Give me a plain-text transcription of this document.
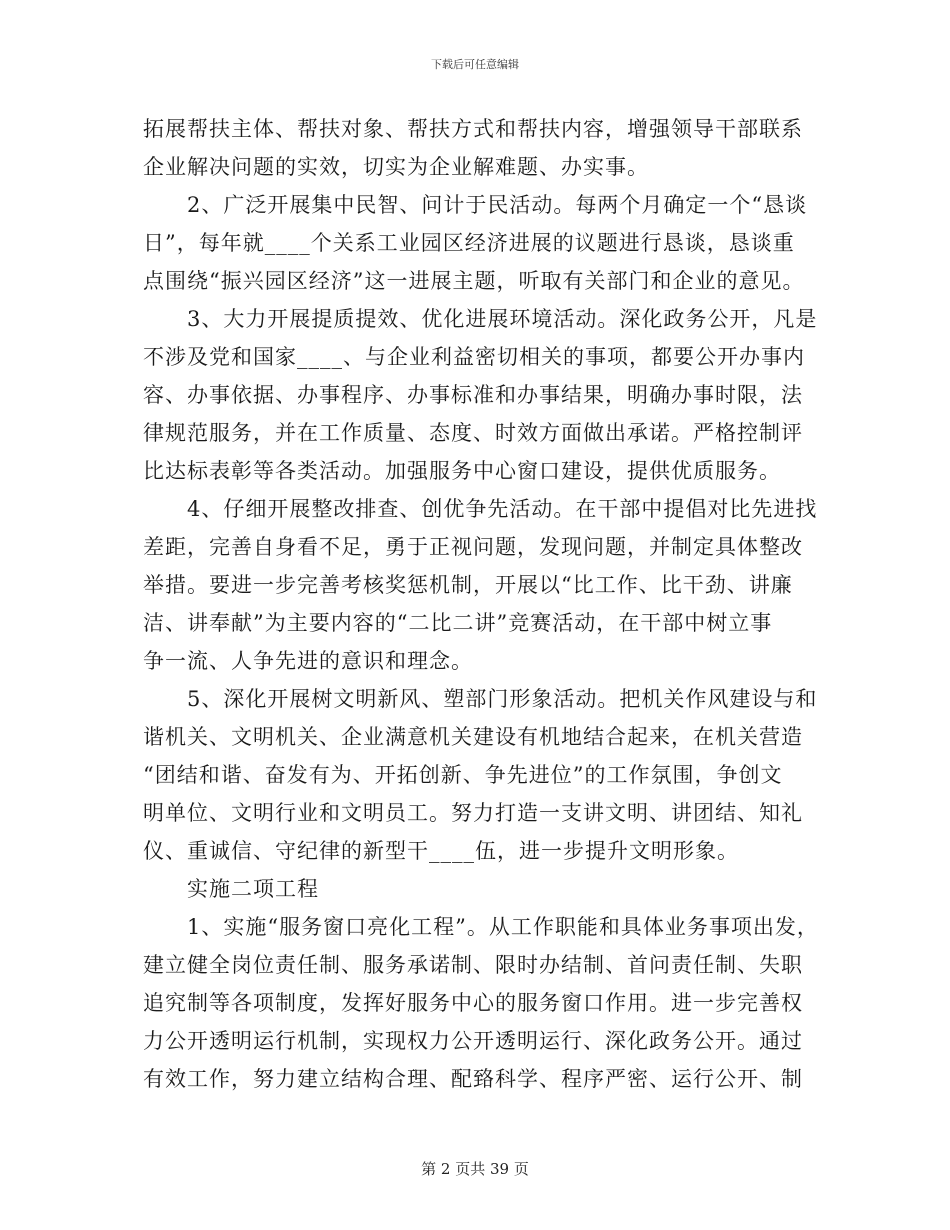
下载后可任意编辑

拓展帮扶主体、帮扶对象、帮扶方式和帮扶内容，增强领导干部联系
企业解决问题的实效，切实为企业解难题、办实事。

2、广泛开展集中民智、问计于民活动。每两个月确定一个“恳谈
日”，每年就____个关系工业园区经济进展的议题进行恳谈，恳谈重
点围绕“振兴园区经济”这一进展主题，听取有关部门和企业的意见。

3、大力开展提质提效、优化进展环境活动。深化政务公开，凡是
不涉及党和国家____、与企业利益密切相关的事项，都要公开办事内
容、办事依据、办事程序、办事标准和办事结果，明确办事时限，法
律规范服务，并在工作质量、态度、时效方面做出承诺。严格控制评
比达标表彰等各类活动。加强服务中心窗口建设，提供优质服务。

4、仔细开展整改排查、创优争先活动。在干部中提倡对比先进找
差距，完善自身看不足，勇于正视问题，发现问题，并制定具体整改
举措。要进一步完善考核奖惩机制，开展以“比工作、比干劲、讲廉
洁、讲奉献”为主要内容的“二比二讲”竞赛活动，在干部中树立事
争一流、人争先进的意识和理念。

5、深化开展树文明新风、塑部门形象活动。把机关作风建设与和
谐机关、文明机关、企业满意机关建设有机地结合起来，在机关营造
“团结和谐、奋发有为、开拓创新、争先进位”的工作氛围，争创文
明单位、文明行业和文明员工。努力打造一支讲文明、讲团结、知礼
仪、重诚信、守纪律的新型干____伍，进一步提升文明形象。

实施二项工程

1、实施“服务窗口亮化工程”。从工作职能和具体业务事项出发，
建立健全岗位责任制、服务承诺制、限时办结制、首问责任制、失职
追究制等各项制度，发挥好服务中心的服务窗口作用。进一步完善权
力公开透明运行机制，实现权力公开透明运行、深化政务公开。通过
有效工作，努力建立结构合理、配臵科学、程序严密、运行公开、制

第 2 页共 39 页
